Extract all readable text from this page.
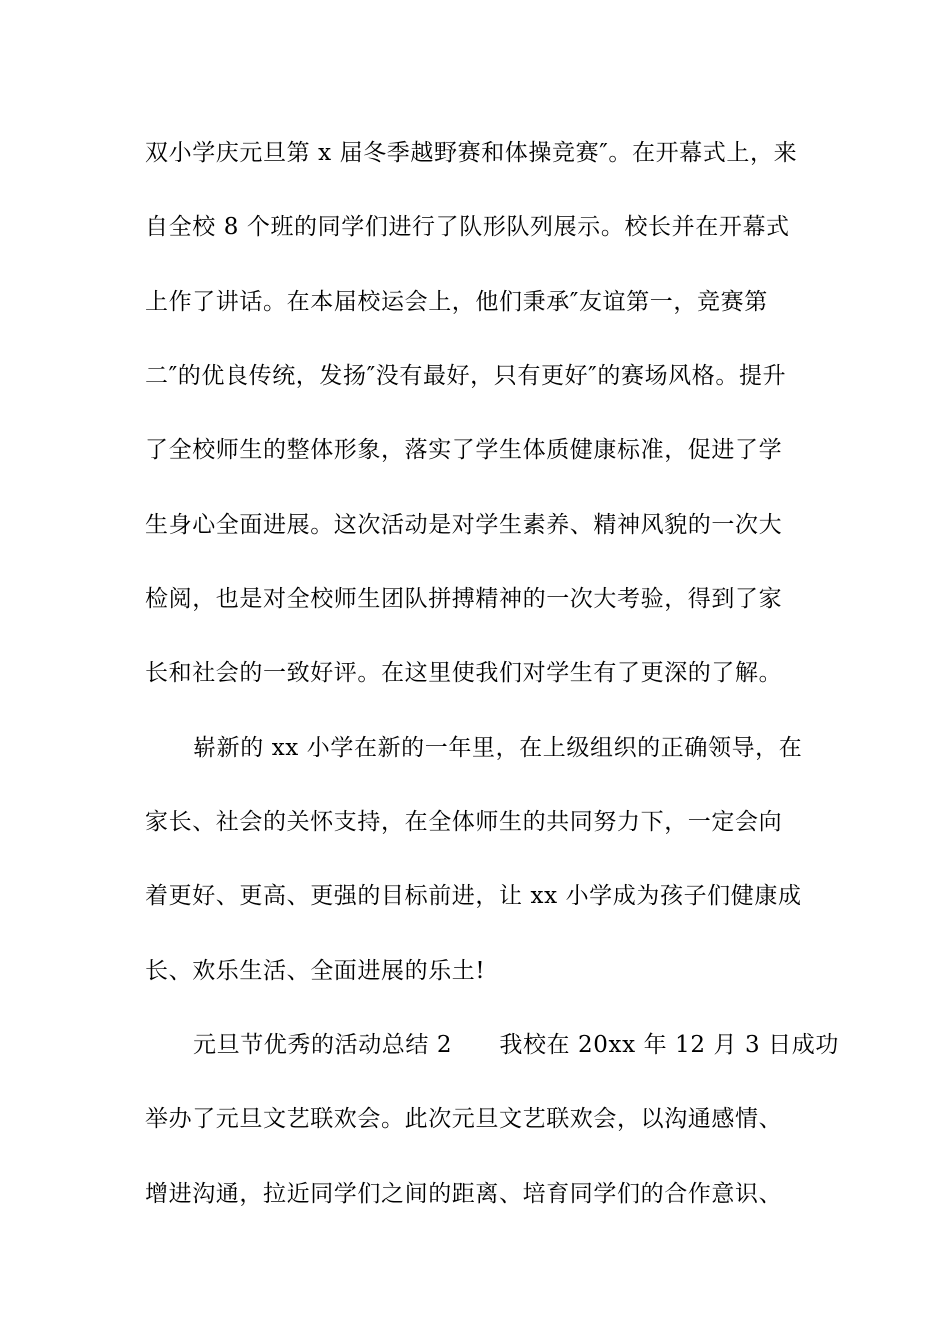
双小学庆元旦第 x 届冬季越野赛和体操竞赛″。在开幕式上，来
自全校 8 个班的同学们进行了队形队列展示。校长并在开幕式
上作了讲话。在本届校运会上，他们秉承″友谊第一，竞赛第
二″的优良传统，发扬″没有最好，只有更好″的赛场风格。提升
了全校师生的整体形象，落实了学生体质健康标准，促进了学
生身心全面进展。这次活动是对学生素养、精神风貌的一次大
检阅，也是对全校师生团队拼搏精神的一次大考验，得到了家
长和社会的一致好评。在这里使我们对学生有了更深的了解。
崭新的 xx 小学在新的一年里，在上级组织的正确领导，在
家长、社会的关怀支持，在全体师生的共同努力下，一定会向
着更好、更高、更强的目标前进，让 xx 小学成为孩子们健康成
长、欢乐生活、全面进展的乐土!
元旦节优秀的活动总结 2　　我校在 20xx 年 12 月 3 日成功
举办了元旦文艺联欢会。此次元旦文艺联欢会，以沟通感情、
增进沟通，拉近同学们之间的距离、培育同学们的合作意识、
